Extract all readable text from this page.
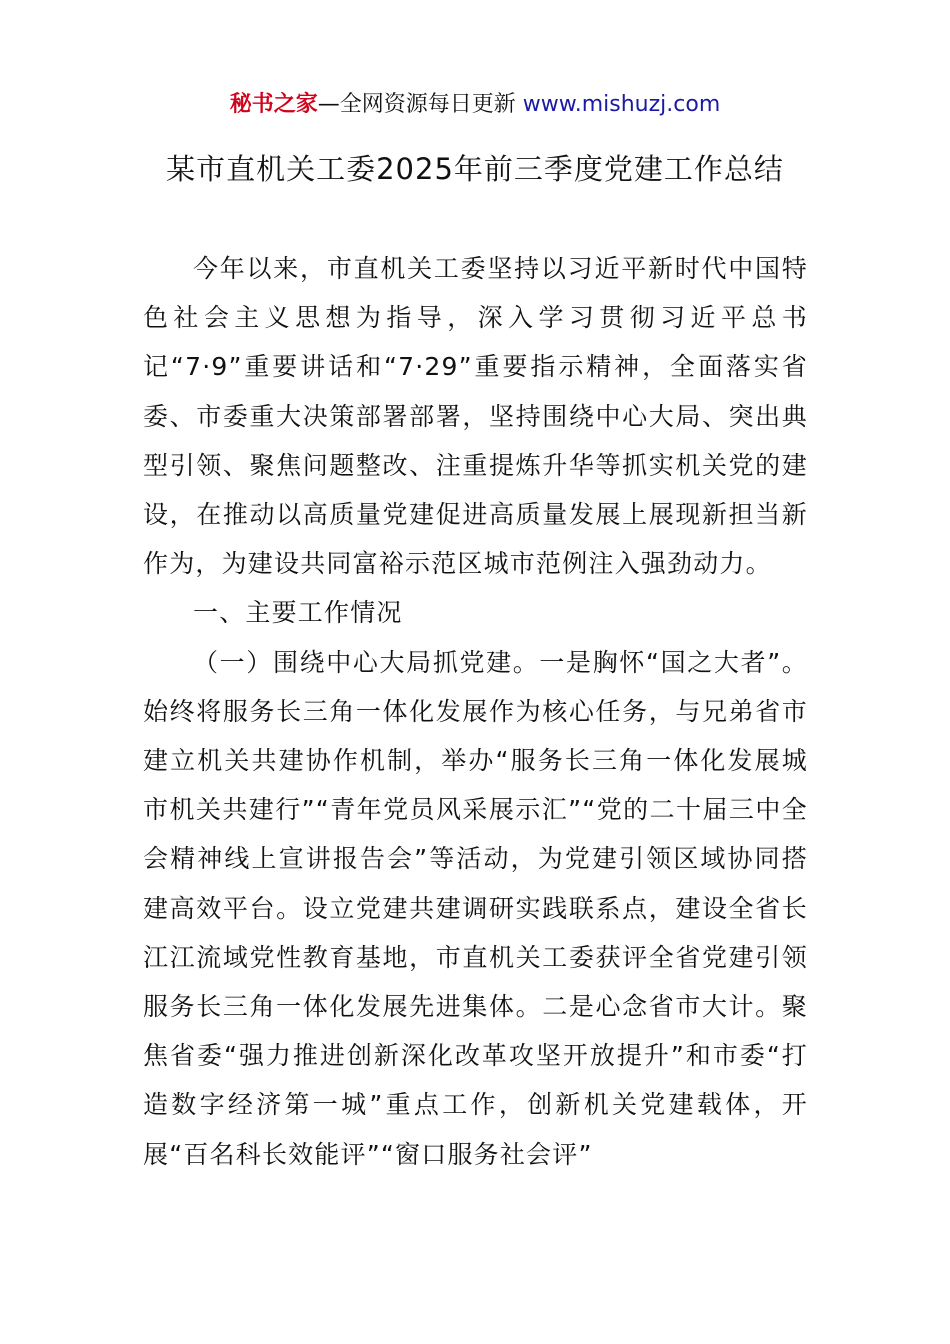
秘书之家—全网资源每日更新 www.mishuzj.com
某市直机关工委2025年前三季度党建工作总结

今年以来，市直机关工委坚持以习近平新时代中国特色社会主义思想为指导，深入学习贯彻习近平总书记“7·9”重要讲话和“7·29”重要指示精神，全面落实省委、市委重大决策部署部署，坚持围绕中心大局、突出典型引领、聚焦问题整改、注重提炼升华等抓实机关党的建设，在推动以高质量党建促进高质量发展上展现新担当新作为，为建设共同富裕示范区城市范例注入强劲动力。

一、主要工作情况

（一）围绕中心大局抓党建。一是胸怀“国之大者”。始终将服务长三角一体化发展作为核心任务，与兄弟省市建立机关共建协作机制，举办“服务长三角一体化发展城市机关共建行”“青年党员风采展示汇”“党的二十届三中全会精神线上宣讲报告会”等活动，为党建引领区域协同搭建高效平台。设立党建共建调研实践联系点，建设全省长江江流域党性教育基地，市直机关工委获评全省党建引领服务长三角一体化发展先进集体。二是心念省市大计。聚焦省委“强力推进创新深化改革攻坚开放提升”和市委“打造数字经济第一城”重点工作，创新机关党建载体，开展“百名科长效能评”“窗口服务社会评”
